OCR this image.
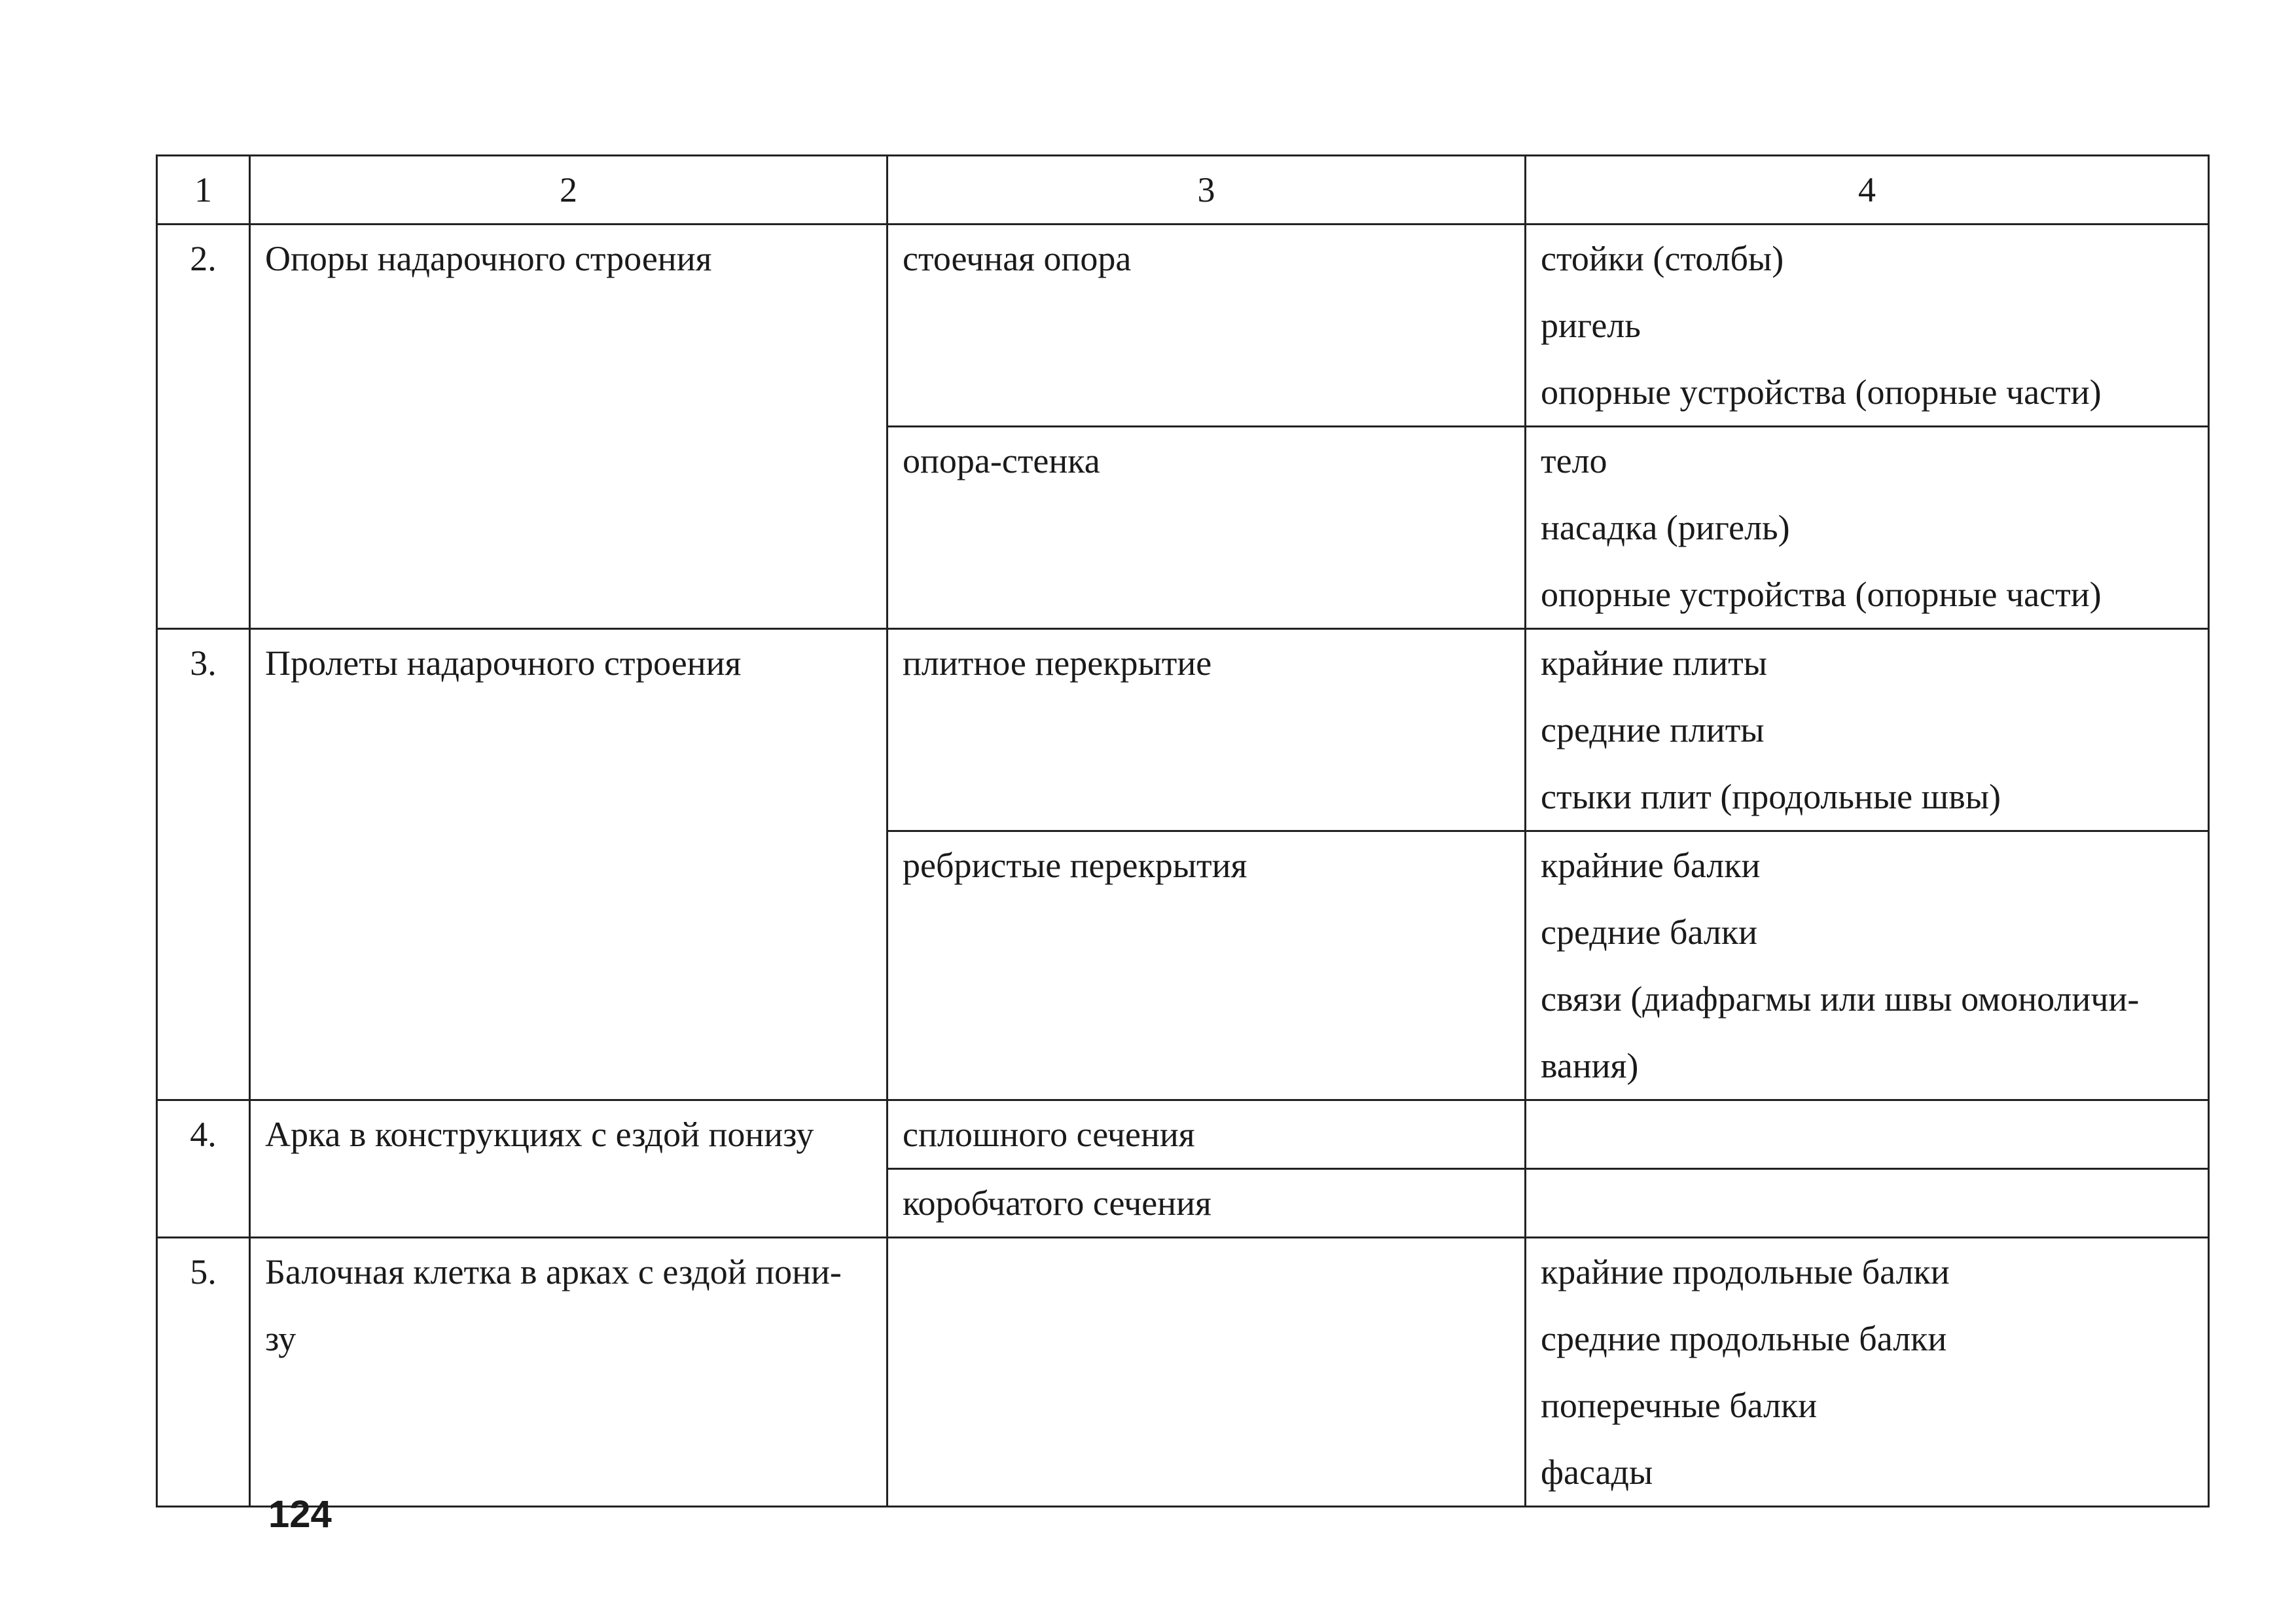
1	2	3	4

2.	Опоры надарочного строения	стоечная опора	стойки (столбы)
ригель
опорные устройства (опорные части)

		опора-стенка	тело
насадка (ригель)
опорные устройства (опорные части)

3.	Пролеты надарочного строения	плитное перекрытие	крайние плиты
средние плиты
стыки плит (продольные швы)

		ребристые перекрытия	крайние балки
средние балки
связи (диафрагмы или швы омоноличи-
вания)

4.	Арка в конструкциях с ездой понизу	сплошного сечения	

		коробчатого сечения	

5.	Балочная клетка в арках с ездой пони-
зу		крайние продольные балки
средние продольные балки
поперечные балки
фасады
124
